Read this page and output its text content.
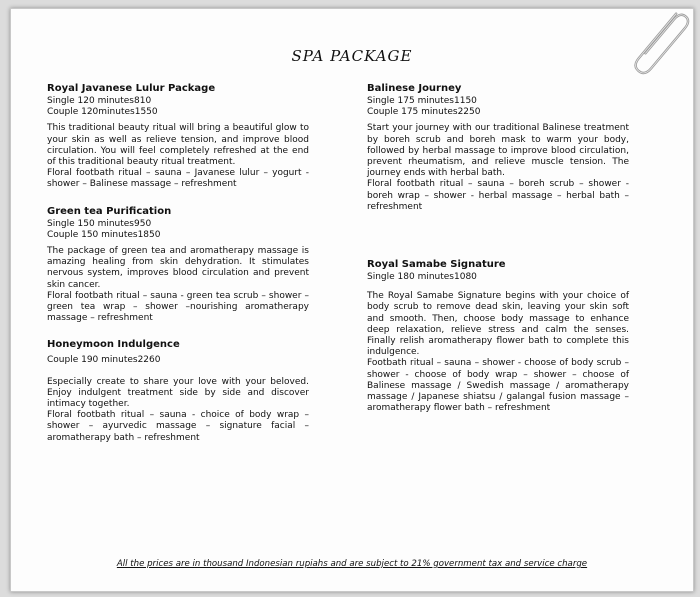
SPA PACKAGE
Royal Javanese Lulur Package
Single 120 minutes 810
Couple 120minutes 1550

This traditional beauty ritual will bring a beautiful glow to your skin as well as relieve tension, and improve blood circulation. You will feel completely refreshed at the end of this traditional beauty ritual treatment.

Floral footbath ritual – sauna – Javanese lulur – yogurt - shower – Balinese massage – refreshment

Green tea Purification
Single 150 minutes 950
Couple 150 minutes 1850

The package of green tea and aromatherapy massage is amazing healing from skin dehydration. It stimulates nervous system, improves blood circulation and prevent skin cancer.

Floral footbath ritual – sauna - green tea scrub – shower – green tea wrap – shower –nourishing aromatherapy massage – refreshment

Honeymoon Indulgence
Couple 190 minutes 2260

Especially create to share your love with your beloved. Enjoy indulgent treatment side by side and discover intimacy together.

Floral footbath ritual – sauna - choice of body wrap – shower – ayurvedic massage – signature facial – aromatherapy bath – refreshment

Balinese Journey
Single 175 minutes 1150
Couple 175 minutes 2250

Start your journey with our traditional Balinese treatment by boreh scrub and boreh mask to warm your body, followed by herbal massage to improve blood circulation, prevent rheumatism, and relieve muscle tension. The journey ends with herbal bath.

Floral footbath ritual – sauna – boreh scrub – shower - boreh wrap – shower - herbal massage – herbal bath – refreshment

Royal Samabe Signature
Single 180 minutes 1080

The Royal Samabe Signature begins with your choice of body scrub to remove dead skin, leaving your skin soft and smooth. Then, choose body massage to enhance deep relaxation, relieve stress and calm the senses. Finally relish aromatherapy flower bath to complete this indulgence.

Footbath ritual – sauna – shower - choose of body scrub – shower - choose of body wrap – shower – choose of Balinese massage / Swedish massage / aromatherapy massage / Japanese shiatsu / galangal fusion massage – aromatherapy flower bath – refreshment

All the prices are in thousand Indonesian rupiahs and are subject to 21% government tax and service charge
